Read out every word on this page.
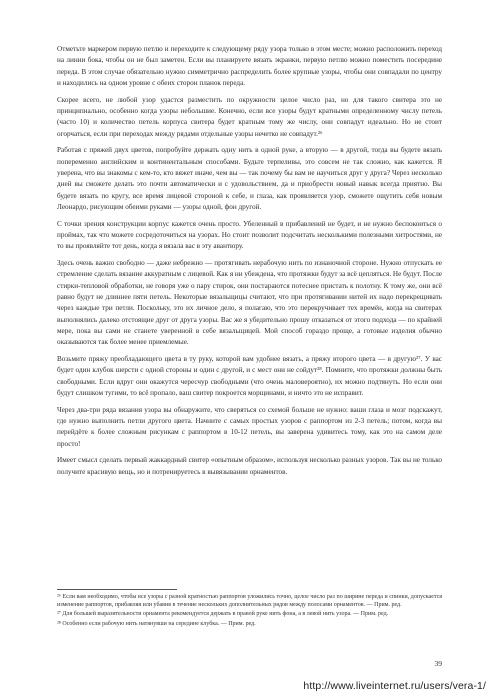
Отметьте маркером первую петлю и переходите к следующему ряду узора только в этом месте; можно расположить переход на линии бока, чтобы он не был заметен. Если вы планируете вязать экранки, первую петлю можно поместить посередине переда. В этом случае обязательно нужно симметрично распределить более крупные узоры, чтобы они совпадали по центру и находились на одном уровне с обеих сторон планок переда.

Скорее всего, не любой узор удастся разместить по окружности целое число раз, но для такого свитера это не принципиально, особенно когда узоры небольшие. Конечно, если все узоры будут кратными определенному числу петель (часто 10) и количество петель корпуса свитера будет кратным тому же числу, они совпадут идеально. Но не стоит огорчаться, если при переходах между рядами отдельные узоры нечетко не совпадут.²⁶

Работая с пряжей двух цветов, попробуйте держать одну нить в одной руке, а вторую — в другой, тогда вы будете вязать попеременно английским и континентальным способами. Будьте терпеливы, это совсем не так сложно, как кажется. Я уверена, что вы знакомы с кем-то, кто вяжет иначе, чем вы — так почему бы вам не научиться друг у друга? Через несколько дней вы сможете делать это почти автоматически и с удовольствием, да и приобрести новый навык всегда приятно. Вы будете вязать по кругу, все время лицевой стороной к себе, и глаза, как проявляется узор, сможете ощутить себя новым Леонардо, рисующим обеими руками — узоры одной, фон другой.

С точки зрения конструкции корпус кажется очень просто. Убеленный в прибавлений не будет, и не нужно беспокоиться о проймах, так что можете сосредоточиться на узорах. Но стоит позволит подсчитать несколькими полезными хитростями, не то вы проявляйте тот день, когда я вязала вас в эту авантюру.

Здесь очень важно свободно — даже небрежно — протягивать нерабочую нить по изнаночной стороне. Нужно отпускать ее стремление сделать вязание аккуратным с лицевой. Как я ни убеждена, что протяжки будут за всё цепляться. Не будут. После стирки-тепловой обработки, не говоря уже о пару стирок, они постараются потеснее пристать к полотну. К тому же, они всё равно будут не длиннее пяти петель. Некоторые вязальщицы считают, что при протягивании нитей их надо перекрещивать через каждые три петли. Поскольку, это их личное дело, я полагаю, что это перекручивает тех времён, когда на свитерах выполнялись далеко отстоящие друг от друга узоры. Вас же я убедительно прошу отказаться от этого подхода — по крайней мере, пока вы сами не станете уверенной в себе вязальщицей. Мой способ гораздо проще, а готовые изделия обычно оказываются так более менее приемлемые.

Возьмите пряжу преобладающего цвета в ту руку, которой вам удобнее вязать, а пряжу второго цвета — в другую²⁷. У вас будет один клубок шерсти с одной стороны и один с другой, и с мест они не сойдут²⁸. Помните, что протяжки должны быть свободными. Если вдруг они окажутся чересчур свободными (что очень маловероятно), их можно подтянуть. Но если они будут слишком тугими, то всё пропало, ваш свитер покроется морщинами, и ничто это не исправит.

Через два-три ряда вязания узора вы обнаружите, что сверяться со схемой больше не нужно: ваши глаза и мозг подскажут, где нужно выполнить петли другого цвета. Начните с самых простых узоров с раппортом из 2-3 петель; потом, когда вы перейдёте к более сложным рисункам с раппортом в 10-12 петель, вы заверена удивитесь тому, как это на самом деле просто!

Имеет смысл сделать первый жаккардный свитер «опытным образом», используя несколько разных узоров. Так вы не только получите красивую вещь, но и потренируетесь в вывязывании орнаментов.

²⁶ Если вам необходимо, чтобы все узоры с разной кратностью раппортов уложились точно, целое число раз по ширине переда и спинки, допускается изменение раппортов, прибавляя или убавив в течение нескольких дополнительных рядов между полосами орнаментов. — Прим. ред.

²⁷ Для большей выразительности орнамента рекомендуется держать в правой руке нить фона, а в левой нить узора. — Прим. ред.

²⁸ Особенно если рабочую нить натянувши на середине клубка. — Прим. ред.

39
http://www.liveinternet.ru/users/vera-1/
